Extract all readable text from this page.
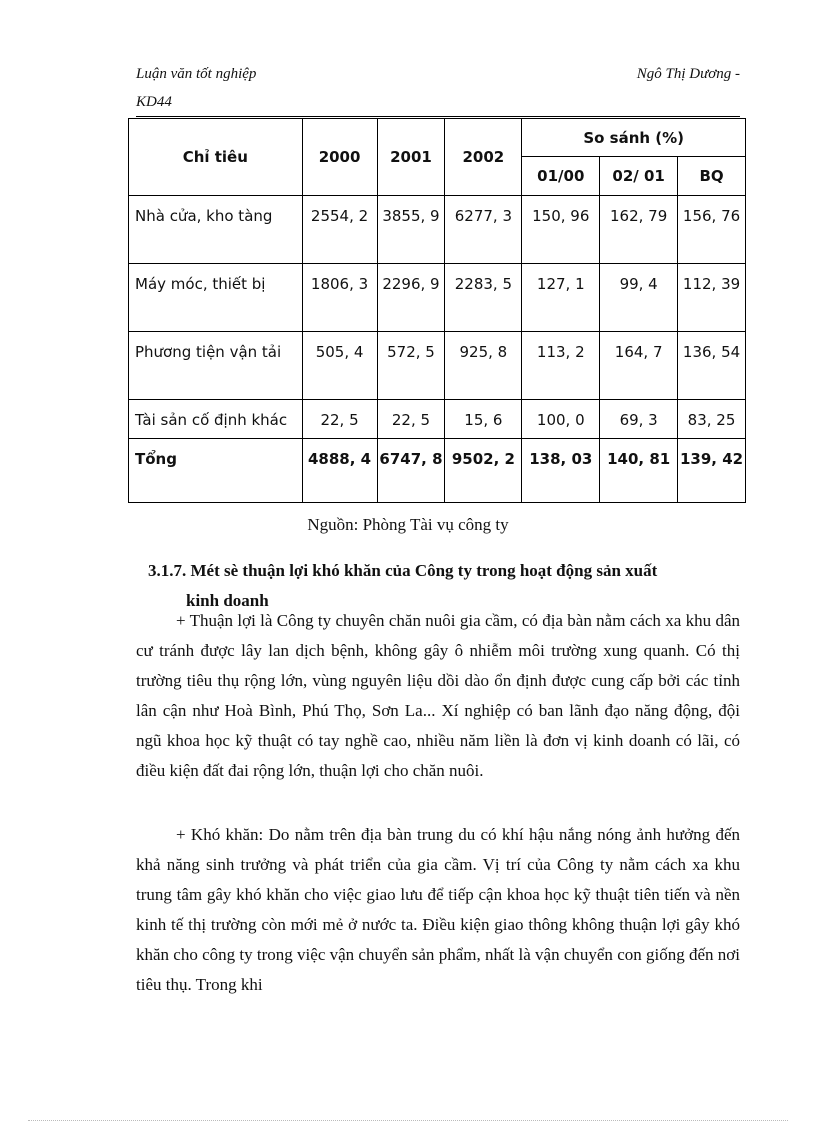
Luận văn tốt nghiệp	Ngô Thị Dương -
KD44
Chỉ tiêu	2000	2001	2002	So sánh (%)		
				01/00	02/ 01	BQ
Nhà cửa, kho tàng	2554, 2	3855, 9	6277, 3	150, 96	162, 79	156, 76
Máy móc, thiết bị	1806, 3	2296, 9	2283, 5	127, 1	99, 4	112, 39
Phương tiện vận tải	505, 4	572, 5	925, 8	113, 2	164, 7	136, 54
Tài sản cố định khác	22, 5	22, 5	15, 6	100, 0	69, 3	83, 25
Tổng	4888, 4	6747, 8	9502, 2	138, 03	140, 81	139, 42
Nguồn: Phòng Tài vụ công ty
3.1.7. Mét sè thuận lợi khó khăn của Công ty trong hoạt động sản xuất
kinh doanh

+ Thuận lợi là Công ty chuyên chăn nuôi gia cầm, có địa bàn nằm cách xa khu dân cư tránh được lây lan dịch bệnh, không gây ô nhiễm môi trường xung quanh. Có thị trường tiêu thụ rộng lớn, vùng nguyên liệu dồi dào ổn định được cung cấp bởi các tỉnh lân cận như Hoà Bình, Phú Thọ, Sơn La... Xí nghiệp có ban lãnh đạo năng động, đội ngũ khoa học kỹ thuật có tay nghề cao, nhiều năm liền là đơn vị kinh doanh có lãi, có điều kiện đất đai rộng lớn, thuận lợi cho chăn nuôi.

+ Khó khăn: Do nằm trên địa bàn trung du có khí hậu nắng nóng ảnh hưởng đến khả năng sinh trưởng và phát triển của gia cầm. Vị trí của Công ty nằm cách xa khu trung tâm gây khó khăn cho việc giao lưu để tiếp cận khoa học kỹ thuật tiên tiến và nền kinh tế thị trường còn mới mẻ ở nước ta. Điều kiện giao thông không thuận lợi gây khó khăn cho công ty trong việc vận chuyển sản phẩm, nhất là vận chuyển con giống đến nơi tiêu thụ. Trong khi
